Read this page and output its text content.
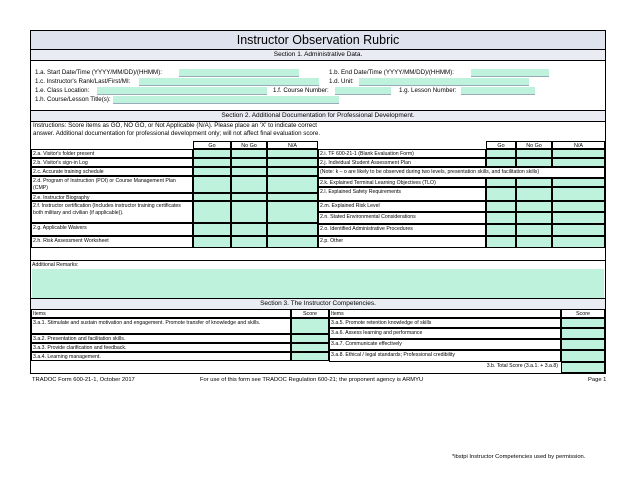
Instructor Observation Rubric
Section 1. Administrative Data.
1.a. Start Date/Time (YYYY/MM/DD)/(HHMM):	1.b. End Date/Time (YYYY/MM/DD)/(HHMM):
1.c. Instructor's Rank/Last/First/MI:	1.d. Unit:
1.e. Class Location:	1.f. Course Number:	1.g. Lesson Number:
1.h. Course/Lesson Title(s):
Section 2. Additional Documentation for Professional Development.
Instructions: Score items as GO, NO GO, or Not Applicable (N/A). Please place an 'X' to indicate correct
answer. Additional documentation for professional development only; will not affect final evaluation score.
Go	No Go	N/A	Go	No Go	N/A
2.a. Visitor's folder present
2.b. Visitor's sign-in Log
2.c. Accurate training schedule
2.d. Program of Instruction (POI) or Course Management Plan (CMP)
2.e. Instructor Biography
2.f. Instructor certification (Includes instructor training certificates both military and civilian (if applicable)).
2.g. Applicable Waivers
2.h. Risk Assessment Worksheet
2.i. TF 600-21-1 (Blank Evaluation Form)
2.j. Individual Student Assessment Plan
(Note: k – o are likely to be observed during two levels, presentation skills, and facilitation skills)
2.k. Explained Terminal Learning Objectives (TLO)
2.l. Explained Safety Requirements
2.m. Explained Risk Level
2.n. Stated Environmental Considerations
2.o. Identified Administrative Procedures
2.p. Other
Additional Remarks:
Section 3. The Instructor Competencies.
Items	Score	Items	Score
3.a.1. Stimulate and sustain motivation and engagement. Promote transfer of knowledge and skills.
3.a.2. Presentation and facilitation skills.
3.a.3. Provide clarification and feedback.
3.a.4. Learning management.
3.a.5. Promote retention knowledge of skills
3.a.6. Assess learning and performance
3.a.7. Communicate effectively
3.a.8. Ethical / legal standards; Professional credibility
3.b. Total Score (3.a.1. + 3.a.8)
TRADOC Form 600-21-1, October 2017	For use of this form see TRADOC Regulation 600-21; the proponent agency is ARMYU	Page 1
*ibstpi Instructor Competencies used by permission.
